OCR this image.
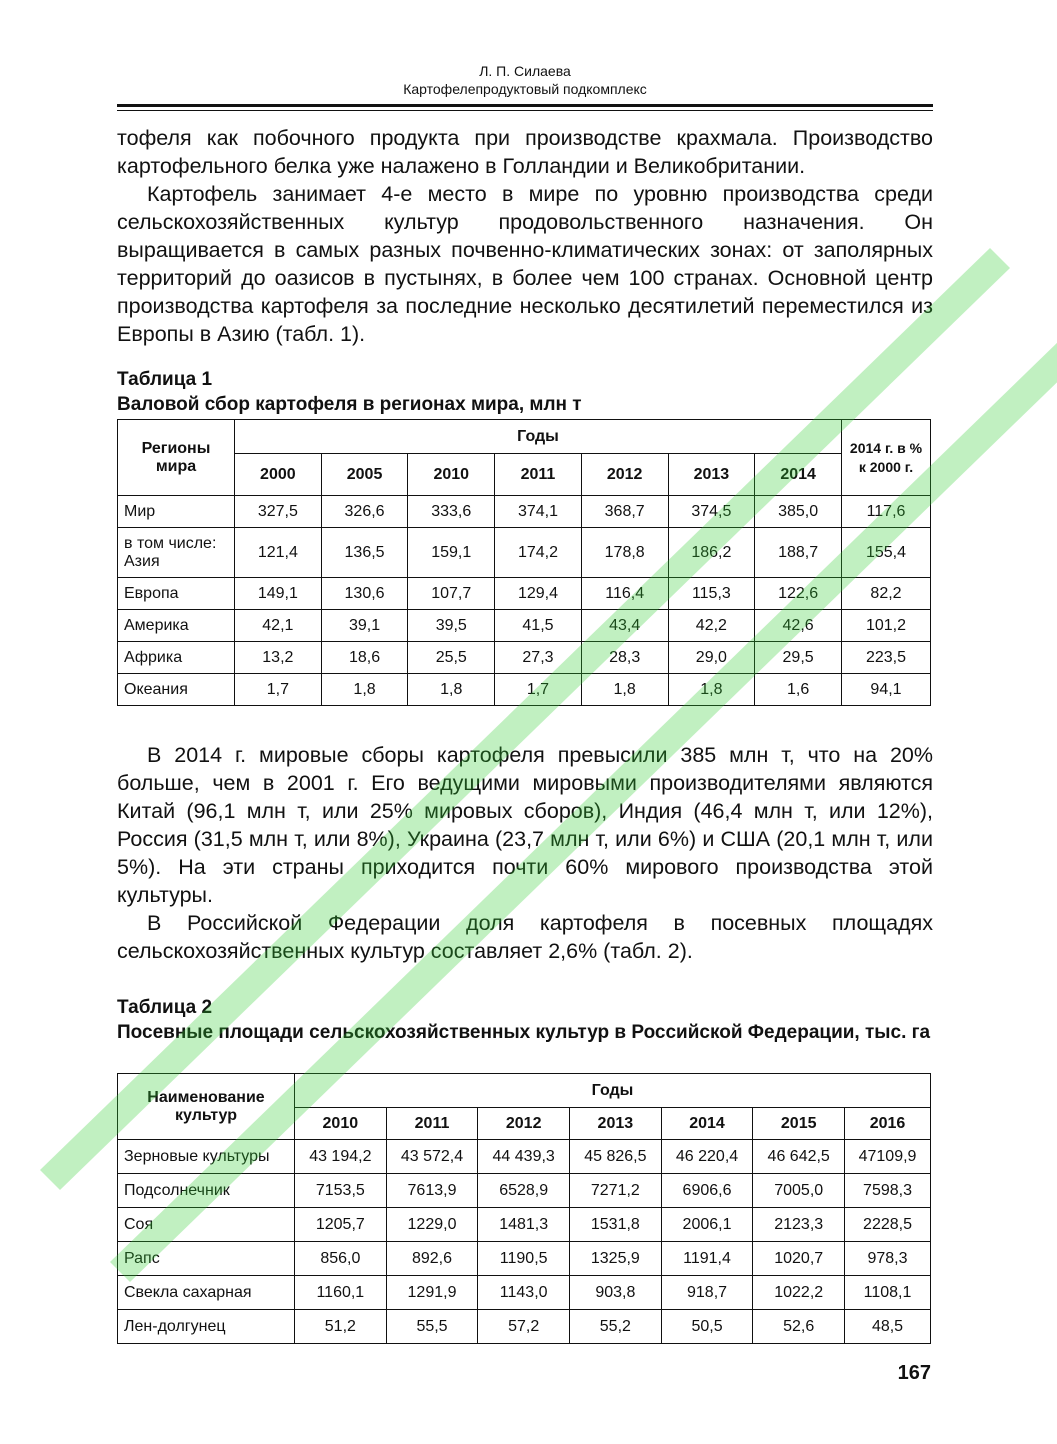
Л. П. Силаева
Картофелепродуктовый подкомплекс

тофеля как побочного продукта при производстве крахмала. Производство картофельного белка уже налажено в Голландии и Великобритании.

Картофель занимает 4-е место в мире по уровню производства среди сельскохозяйственных культур продовольственного назначения. Он выращивается в самых разных почвенно-климатических зонах: от заполярных территорий до оазисов в пустынях, в более чем 100 странах. Основной центр производства картофеля за последние несколько десятилетий переместился из Европы в Азию (табл. 1).

Таблица 1
Валовой сбор картофеля в регионах мира, млн т
Регионы мира	Годы							2014 г. в % к 2000 г.
	2000	2005	2010	2011	2012	2013	2014	
Мир	327,5	326,6	333,6	374,1	368,7	374,5	385,0	117,6
в том числе: Азия	121,4	136,5	159,1	174,2	178,8	186,2	188,7	155,4
Европа	149,1	130,6	107,7	129,4	116,4	115,3	122,6	82,2
Америка	42,1	39,1	39,5	41,5	43,4	42,2	42,6	101,2
Африка	13,2	18,6	25,5	27,3	28,3	29,0	29,5	223,5
Океания	1,7	1,8	1,8	1,7	1,8	1,8	1,6	94,1

В 2014 г. мировые сборы картофеля превысили 385 млн т, что на 20% больше, чем в 2001 г. Его ведущими мировыми производителями являются Китай (96,1 млн т, или 25% мировых сборов), Индия (46,4 млн т, или 12%), Россия (31,5 млн т, или 8%), Украина (23,7 млн т, или 6%) и США (20,1 млн т, или 5%). На эти страны приходится почти 60% мирового производства этой культуры.

В Российской Федерации доля картофеля в посевных площадях сельскохозяйственных культур составляет 2,6% (табл. 2).

Таблица 2
Посевные площади сельскохозяйственных культур в Российской Федерации, тыс. га
Наименование культур	Годы						
	2010	2011	2012	2013	2014	2015	2016
Зерновые культуры	43 194,2	43 572,4	44 439,3	45 826,5	46 220,4	46 642,5	47109,9
Подсолнечник	7153,5	7613,9	6528,9	7271,2	6906,6	7005,0	7598,3
Соя	1205,7	1229,0	1481,3	1531,8	2006,1	2123,3	2228,5
Рапс	856,0	892,6	1190,5	1325,9	1191,4	1020,7	978,3
Свекла сахарная	1160,1	1291,9	1143,0	903,8	918,7	1022,2	1108,1
Лен-долгунец	51,2	55,5	57,2	55,2	50,5	52,6	48,5
167
